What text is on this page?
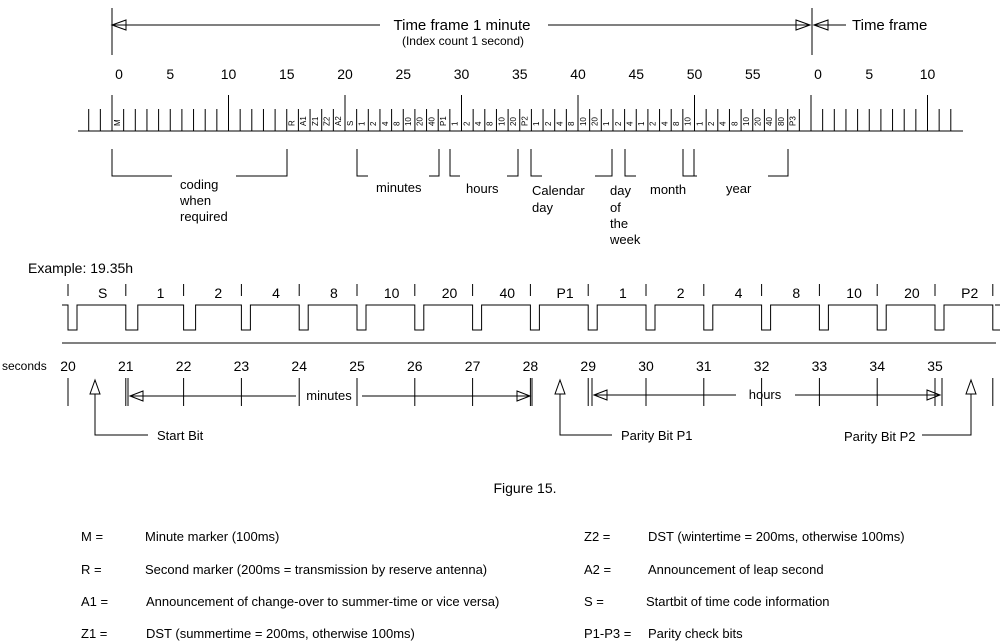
Time frame 1 minute
(Index count 1 second)
Time frame
0	5	10	15	20	25	30	35	40	45	50	55	0	5	10
M	R A1 Z1 Z2 A2 S 1 2 4 8 10 20 40 P1 1 2 4 8 10 20 P2 1 2 4 8 10 20 1 2 4 1 2 4 8 10 1 2 4 8 10 20 40 80 P3
coding
when
required
minutes	hours	Calendar
day
day
of
the
week
month	year
Example: 19.35h
S	1	2	4	8	10	20	40	P1	1	2	4	8	10	20	P2
seconds 20	21	22	23	24	25	26	27	28	29	30	31	32	33	34	35
minutes	hours
Start Bit	Parity Bit P1	Parity Bit P2
Figure 15.
M =	Minute marker (100ms)
R =	Second marker (200ms = transmission by reserve antenna)
A1 =	Announcement of change-over to summer-time or vice versa)
Z1 =	DST (summertime = 200ms, otherwise 100ms)
Z2 =	DST (wintertime = 200ms, otherwise 100ms)
A2 =	Announcement of leap second
S =	Startbit of time code information
P1-P3 = Parity check bits
